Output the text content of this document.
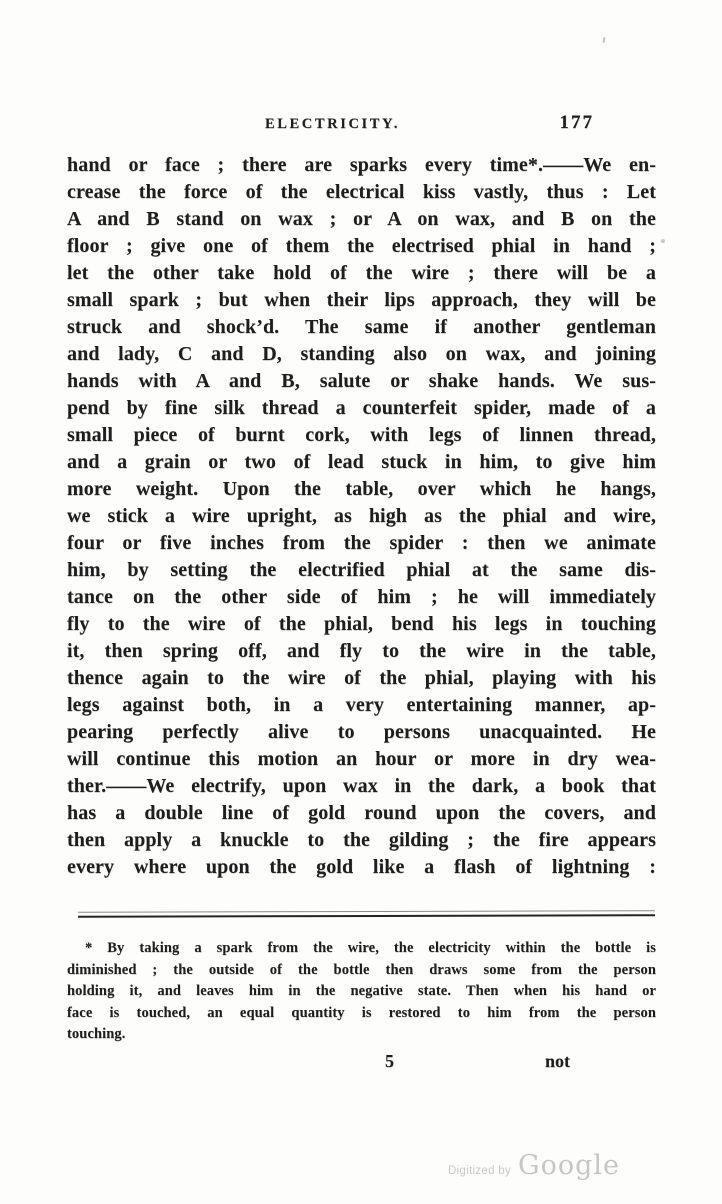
ELECTRICITY.	177
hand or face ; there are sparks every time*.——We en-
crease the force of the electrical kiss vastly, thus : Let
A and B stand on wax ; or A on wax, and B on the
floor ; give one of them the electrised phial in hand ;
let the other take hold of the wire ; there will be a
small spark ; but when their lips approach, they will be
struck and shock’d. The same if another gentleman
and lady, C and D, standing also on wax, and joining
hands with A and B, salute or shake hands. We sus-
pend by fine silk thread a counterfeit spider, made of a
small piece of burnt cork, with legs of linnen thread,
and a grain or two of lead stuck in him, to give him
more weight. Upon the table, over which he hangs,
we stick a wire upright, as high as the phial and wire,
four or five inches from the spider : then we animate
him, by setting the electrified phial at the same dis-
tance on the other side of him ; he will immediately
fly to the wire of the phial, bend his legs in touching
it, then spring off, and fly to the wire in the table,
thence again to the wire of the phial, playing with his
legs against both, in a very entertaining manner, ap-
pearing perfectly alive to persons unacquainted. He
will continue this motion an hour or more in dry wea-
ther.——We electrify, upon wax in the dark, a book that
has a double line of gold round upon the covers, and
then apply a knuckle to the gilding ; the fire appears
every where upon the gold like a flash of lightning :
* By taking a spark from the wire, the electricity within the bottle is
diminished ; the outside of the bottle then draws some from the person
holding it, and leaves him in the negative state. Then when his hand or
face is touched, an equal quantity is restored to him from the person
touching.
5	not
Digitized by Google
